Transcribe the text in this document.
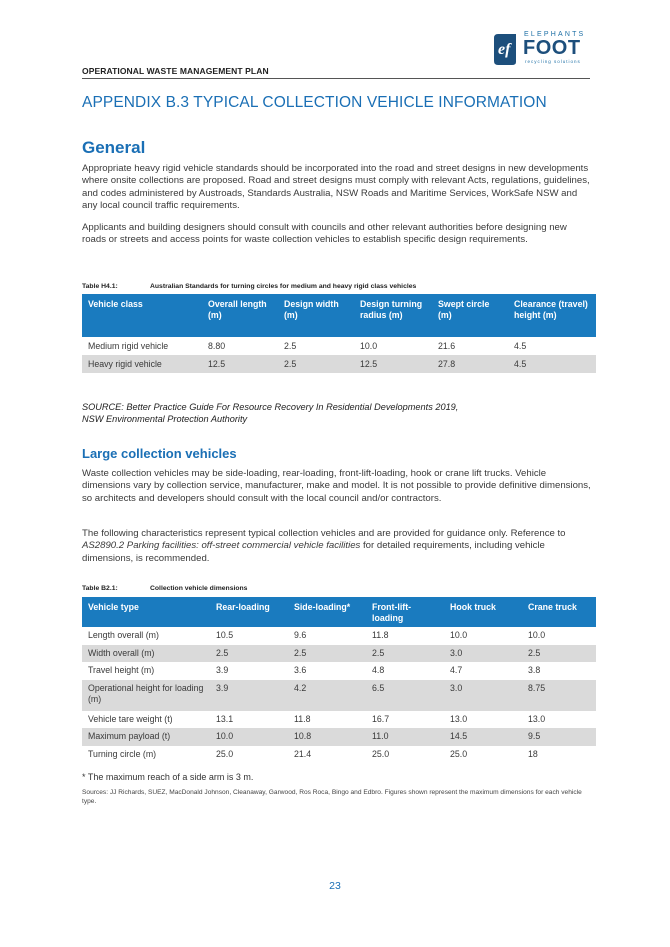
ef
ELEPHANTS
FOOT
recycling solutions
OPERATIONAL WASTE MANAGEMENT PLAN
APPENDIX B.3 TYPICAL COLLECTION VEHICLE INFORMATION
General
Appropriate heavy rigid vehicle standards should be incorporated into the road and street designs in new developments where onsite collections are proposed. Road and street designs must comply with relevant Acts, regulations, guidelines, and codes administered by Austroads, Standards Australia, NSW Roads and Maritime Services, WorkSafe NSW and any local council traffic requirements.
Applicants and building designers should consult with councils and other relevant authorities before designing new roads or streets and access points for waste collection vehicles to establish specific design requirements.
Table H4.1:	Australian Standards for turning circles for medium and heavy rigid class vehicles
Vehicle class	Overall length (m)	Design width (m)	Design turning radius (m)	Swept circle (m)	Clearance (travel) height (m)
Medium rigid vehicle	8.80	2.5	10.0	21.6	4.5
Heavy rigid vehicle	12.5	2.5	12.5	27.8	4.5
SOURCE: Better Practice Guide For Resource Recovery In Residential Developments 2019,
NSW Environmental Protection Authority
Large collection vehicles
Waste collection vehicles may be side-loading, rear-loading, front-lift-loading, hook or crane lift trucks. Vehicle dimensions vary by collection service, manufacturer, make and model. It is not possible to provide definitive dimensions, so architects and developers should consult with the local council and/or contractors.
The following characteristics represent typical collection vehicles and are provided for guidance only. Reference to AS2890.2 Parking facilities: off-street commercial vehicle facilities for detailed requirements, including vehicle dimensions, is recommended.
Table B2.1:	Collection vehicle dimensions
Vehicle type	Rear-loading	Side-loading*	Front-lift-loading	Hook truck	Crane truck
Length overall (m)	10.5	9.6	11.8	10.0	10.0
Width overall (m)	2.5	2.5	2.5	3.0	2.5
Travel height (m)	3.9	3.6	4.8	4.7	3.8
Operational height for loading (m)	3.9	4.2	6.5	3.0	8.75
Vehicle tare weight (t)	13.1	11.8	16.7	13.0	13.0
Maximum payload (t)	10.0	10.8	11.0	14.5	9.5
Turning circle (m)	25.0	21.4	25.0	25.0	18
* The maximum reach of a side arm is 3 m.
Sources: JJ Richards, SUEZ, MacDonald Johnson, Cleanaway, Garwood, Ros Roca, Bingo and Edbro. Figures shown represent the maximum dimensions for each vehicle type.
23
